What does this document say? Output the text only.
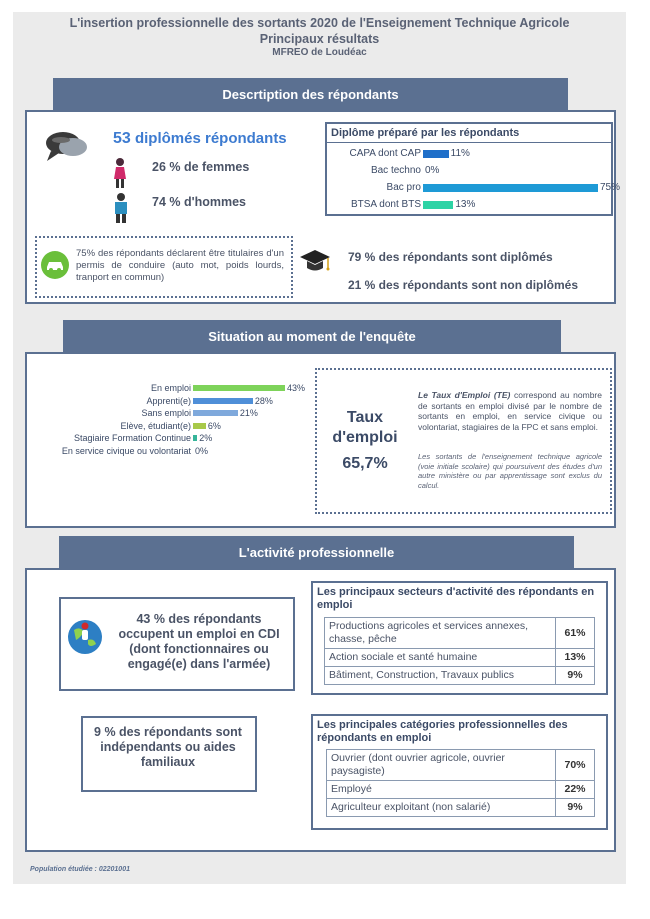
L'insertion professionnelle des sortants 2020 de l'Enseignement Technique Agricole
Principaux résultats
MFREO de Loudéac
Descrtiption des répondants
53 diplômés répondants
26 % de femmes
74 % d'hommes
Diplôme préparé par les répondants
CAPA dont CAP	11%
Bac techno 0%
Bac pro	75%
BTSA dont BTS	13%
75% des répondants déclarent être titulaires d'un permis de conduire (auto mot, poids lourds, tranport en commun)
79 % des répondants sont diplômés
21 % des répondants sont non diplômés
Situation au moment de l'enquête
En emploi	43%
Apprenti(e)	28%
Sans emploi	21%
Elève, étudiant(e) 6%
Stagiaire Formation Continue 2%
En service civique ou volontariat 0%
Taux d'emploi
65,7%
Le Taux d'Emploi (TE) correspond au nombre de sortants en emploi divisé par le nombre de sortants en emploi, en service civique ou volontariat, stagiaires de la FPC et sans emploi.
Les sortants de l'enseignement technique agricole (voie initiale scolaire) qui poursuivent des études d'un autre ministère ou par apprentissage sont exclus du calcul.
L'activité professionnelle
43 % des répondants occupent un emploi en CDI (dont fonctionnaires ou engagé(e) dans l'armée)
9 % des répondants sont indépendants ou aides familiaux
Les principaux secteurs d'activité des répondants en emploi
Productions agricoles et services annexes, chasse, pêche	61%
Action sociale et santé humaine	13%
Bâtiment, Construction, Travaux publics	9%
Les principales catégories professionnelles des répondants en emploi
Ouvrier (dont ouvrier agricole, ouvrier paysagiste)	70%
Employé	22%
Agriculteur exploitant (non salarié)	9%
Population étudiée : 02201001
